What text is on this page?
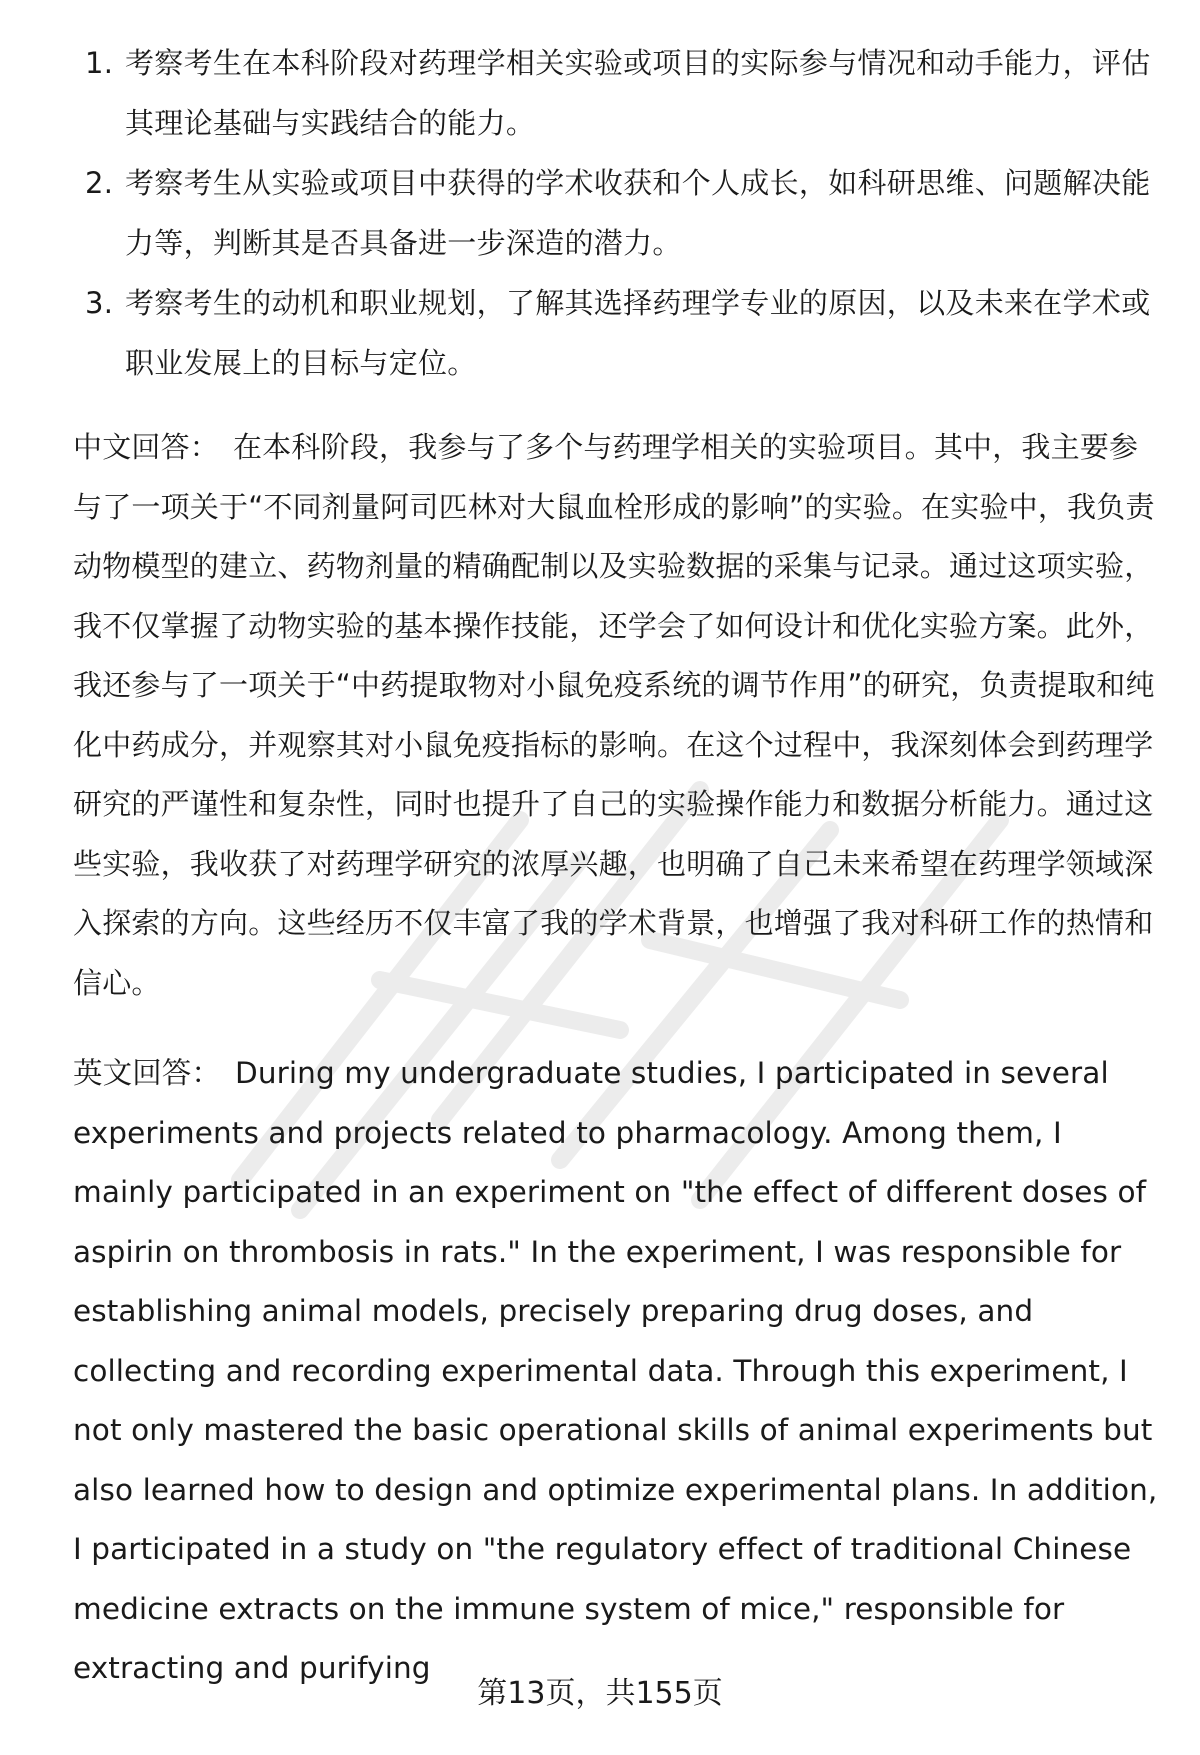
1. 考察考生在本科阶段对药理学相关实验或项目的实际参与情况和动手能力，评估其理论基础与实践结合的能力。
2. 考察考生从实验或项目中获得的学术收获和个人成长，如科研思维、问题解决能力等，判断其是否具备进一步深造的潜力。
3. 考察考生的动机和职业规划，了解其选择药理学专业的原因，以及未来在学术或职业发展上的目标与定位。

中文回答： 在本科阶段，我参与了多个与药理学相关的实验项目。其中，我主要参与了一项关于“不同剂量阿司匹林对大鼠血栓形成的影响”的实验。在实验中，我负责动物模型的建立、药物剂量的精确配制以及实验数据的采集与记录。通过这项实验，我不仅掌握了动物实验的基本操作技能，还学会了如何设计和优化实验方案。此外，我还参与了一项关于“中药提取物对小鼠免疫系统的调节作用”的研究，负责提取和纯化中药成分，并观察其对小鼠免疫指标的影响。在这个过程中，我深刻体会到药理学研究的严谨性和复杂性，同时也提升了自己的实验操作能力和数据分析能力。通过这些实验，我收获了对药理学研究的浓厚兴趣，也明确了自己未来希望在药理学领域深入探索的方向。这些经历不仅丰富了我的学术背景，也增强了我对科研工作的热情和信心。

英文回答： During my undergraduate studies, I participated in several experiments and projects related to pharmacology. Among them, I mainly participated in an experiment on "the effect of different doses of aspirin on thrombosis in rats." In the experiment, I was responsible for establishing animal models, precisely preparing drug doses, and collecting and recording experimental data. Through this experiment, I not only mastered the basic operational skills of animal experiments but also learned how to design and optimize experimental plans. In addition, I participated in a study on "the regulatory effect of traditional Chinese medicine extracts on the immune system of mice," responsible for extracting and purifying

第13页，共155页
